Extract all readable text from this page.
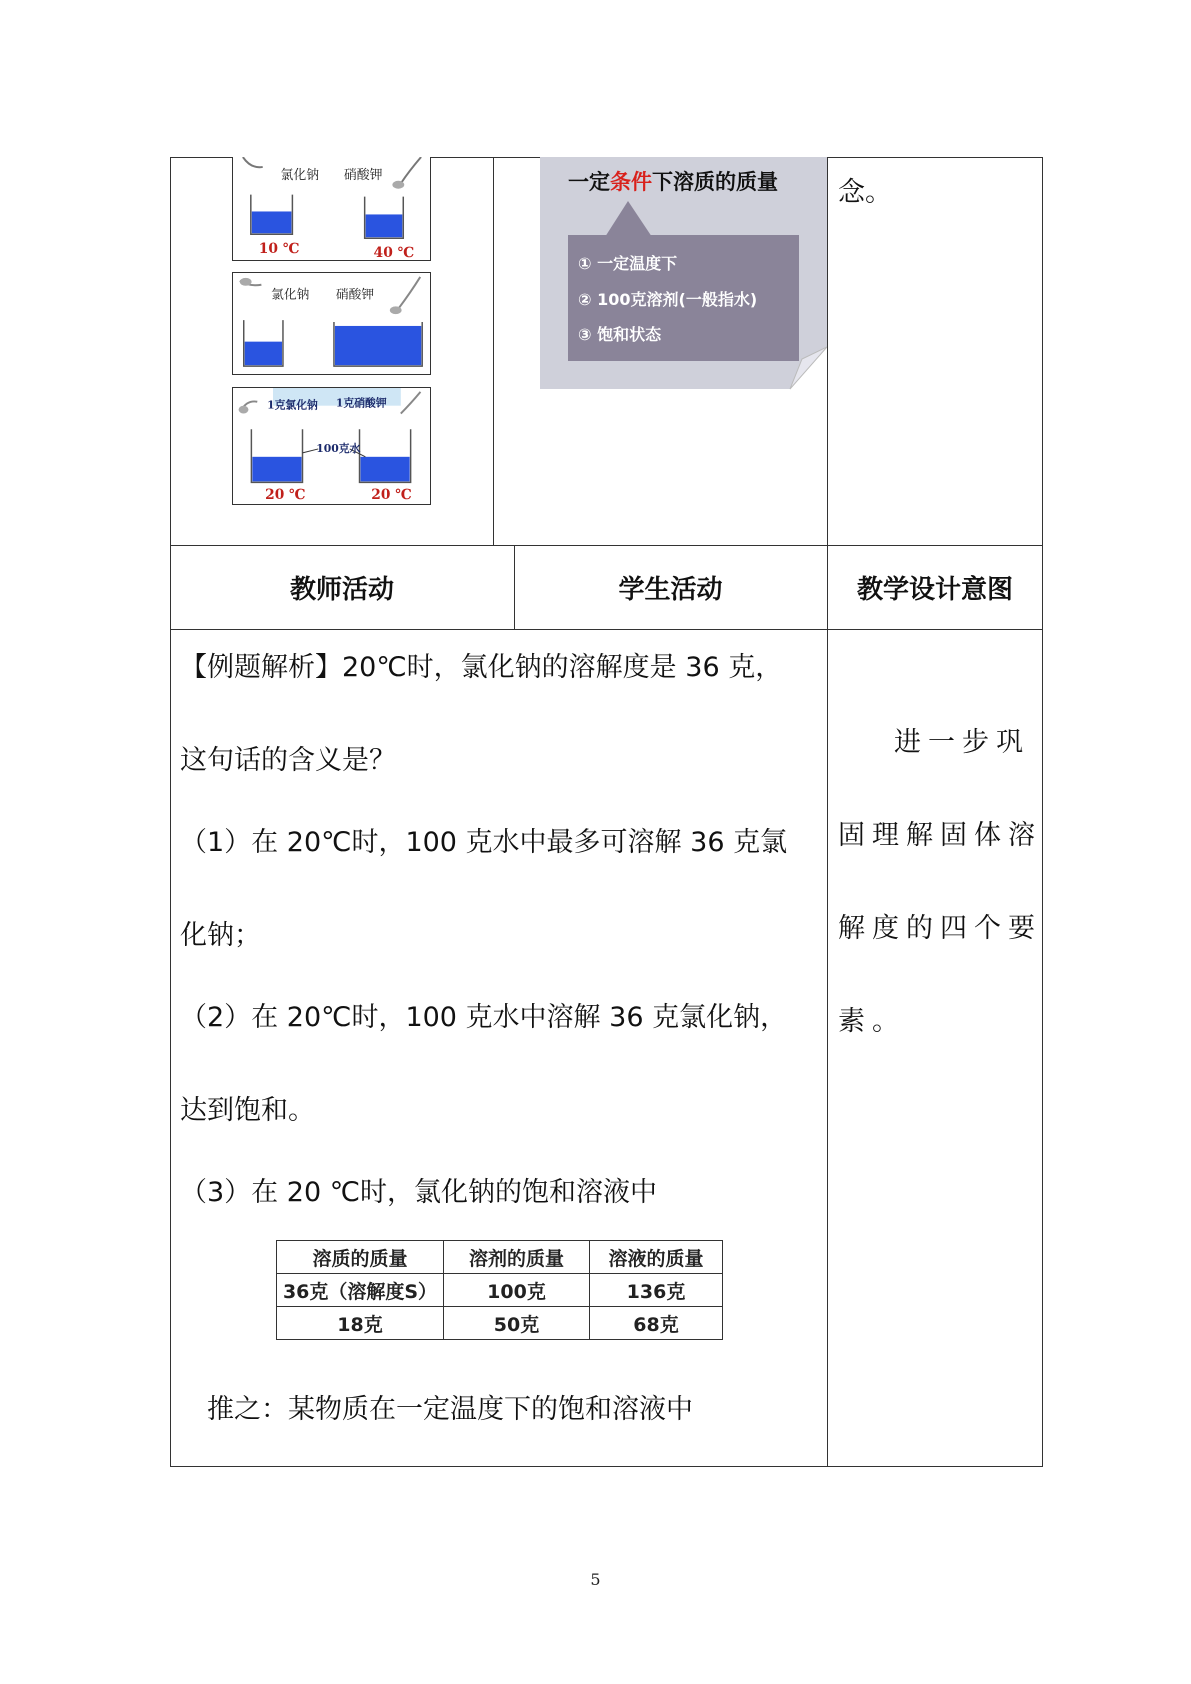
氯化钠 硝酸钾
10 ℃	40 ℃
氯化钠 硝酸钾
1克氯化钠 1克硝酸钾
100克水
20 ℃	20 ℃
一定条件下溶质的质量
① 一定温度下
② 100克溶剂(一般指水)
③ 饱和状态
念。
教师活动	学生活动	教学设计意图
【例题解析】20℃时，氯化钠的溶解度是 36 克，
这句话的含义是？
（1）在 20℃时，100 克水中最多可溶解 36 克氯
化钠；
（2）在 20℃时，100 克水中溶解 36 克氯化钠，
达到饱和。
（3）在 20 ℃时，氯化钠的饱和溶液中
溶质的质量	溶剂的质量	溶液的质量
36克（溶解度S）	100克	136克
18克	50克	68克
推之：某物质在一定温度下的饱和溶液中
进一步巩
固理解固体溶
解度的四个要
素。
5
